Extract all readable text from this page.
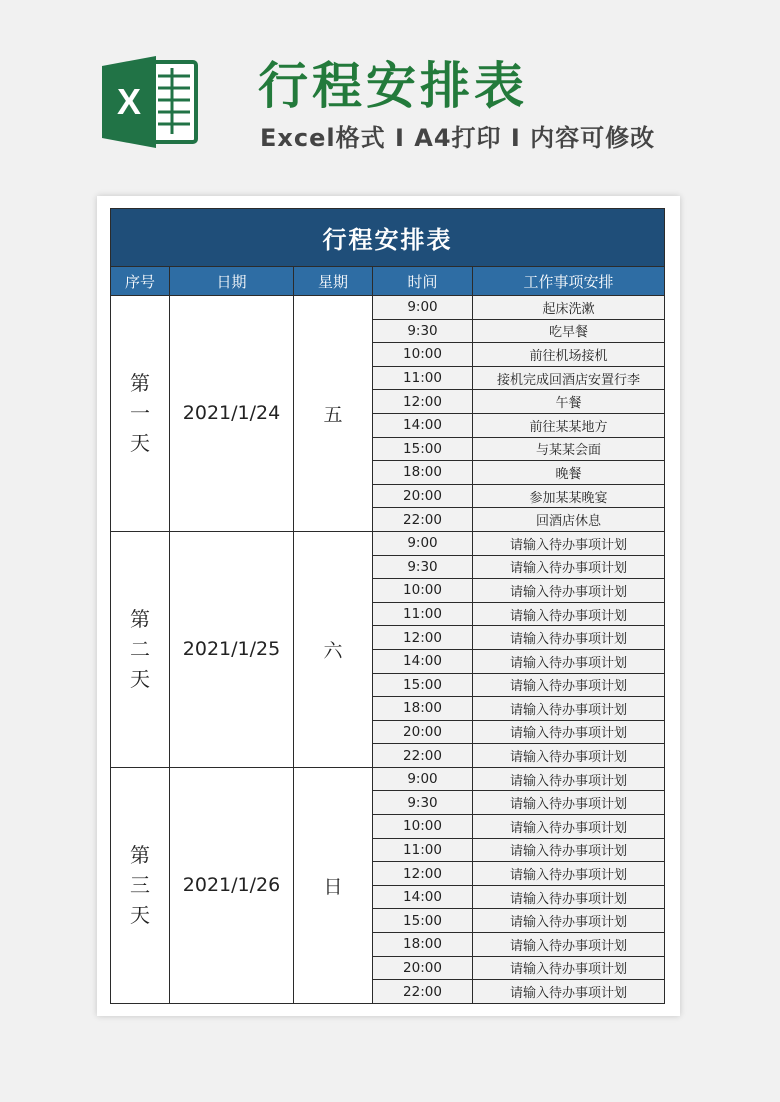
X 行程安排表
Excel格式 I A4打印 I 内容可修改
行程安排表				
序号	日期	星期	时间	工作事项安排

第
一
天	2021/1/24	五	9:00	起床洗漱
			9:30	吃早餐
			10:00	前往机场接机
			11:00	接机完成回酒店安置行李
			12:00	午餐
			14:00	前往某某地方
			15:00	与某某会面
			18:00	晚餐
			20:00	参加某某晚宴
			22:00	回酒店休息

第
二
天	2021/1/25	六	9:00	请输入待办事项计划
			9:30	请输入待办事项计划
			10:00	请输入待办事项计划
			11:00	请输入待办事项计划
			12:00	请输入待办事项计划
			14:00	请输入待办事项计划
			15:00	请输入待办事项计划
			18:00	请输入待办事项计划
			20:00	请输入待办事项计划
			22:00	请输入待办事项计划

第
三
天	2021/1/26	日	9:00	请输入待办事项计划
			9:30	请输入待办事项计划
			10:00	请输入待办事项计划
			11:00	请输入待办事项计划
			12:00	请输入待办事项计划
			14:00	请输入待办事项计划
			15:00	请输入待办事项计划
			18:00	请输入待办事项计划
			20:00	请输入待办事项计划
			22:00	请输入待办事项计划
